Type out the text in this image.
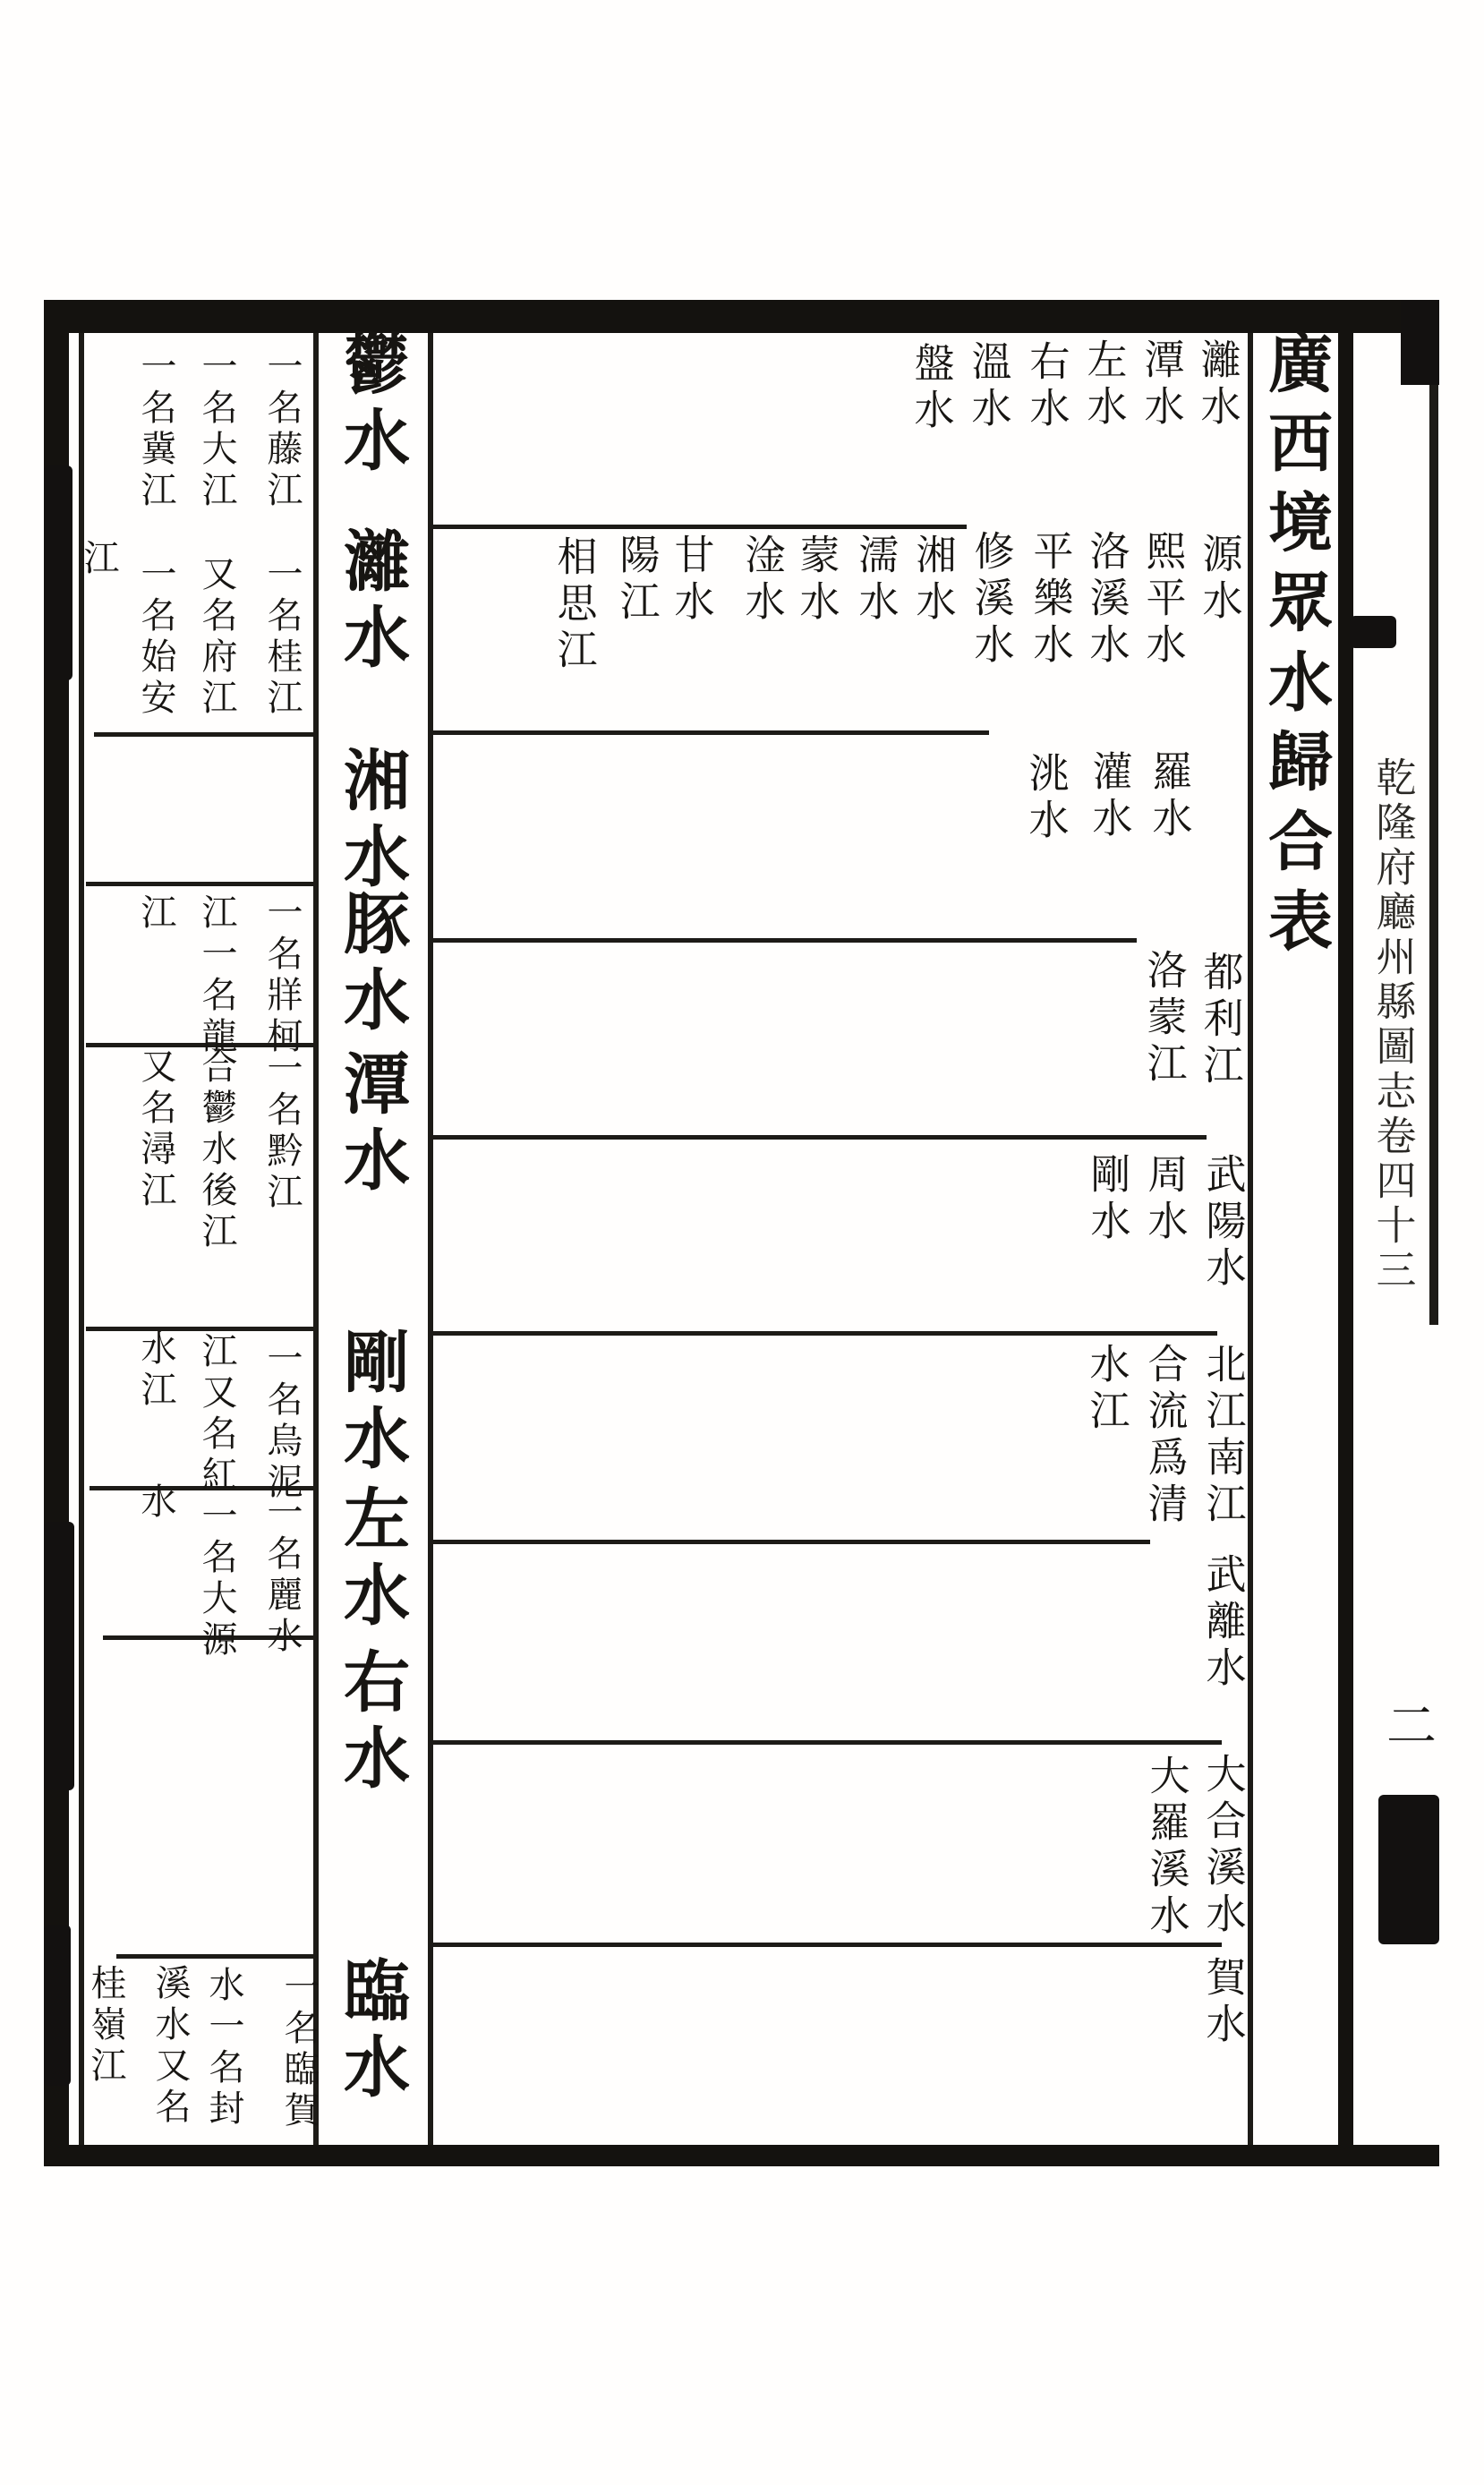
廣西境眾水歸合表
乾隆府廳州縣圖志卷四十三
二
鬱水
灕水
湘水
豚水
潭水
剛水
左水
右水
臨水
灕水
潭水
左水
右水
溫水
盤水
源水
熙平水
洛溪水
平樂水
修溪水
湘水
濡水
蒙水
淦水
甘水
陽江
相思江
羅水
灌水
洮水
都利江
洛蒙江
武陽水
周水
剛水
北江南江
合流爲清
水江
武離水
大合溪水
大羅溪水
賀水
一名藤江
一名大江
一名冀江
一名桂江
又名府江
一名始安
江
一名牂柯
江一名龍
江
一名黔江
合鬱水後江
又名潯江
一名烏泥
江又名紅
水江
一名麗水
一名大源
水
一名臨賀
水一名封
溪水又名
桂嶺江
